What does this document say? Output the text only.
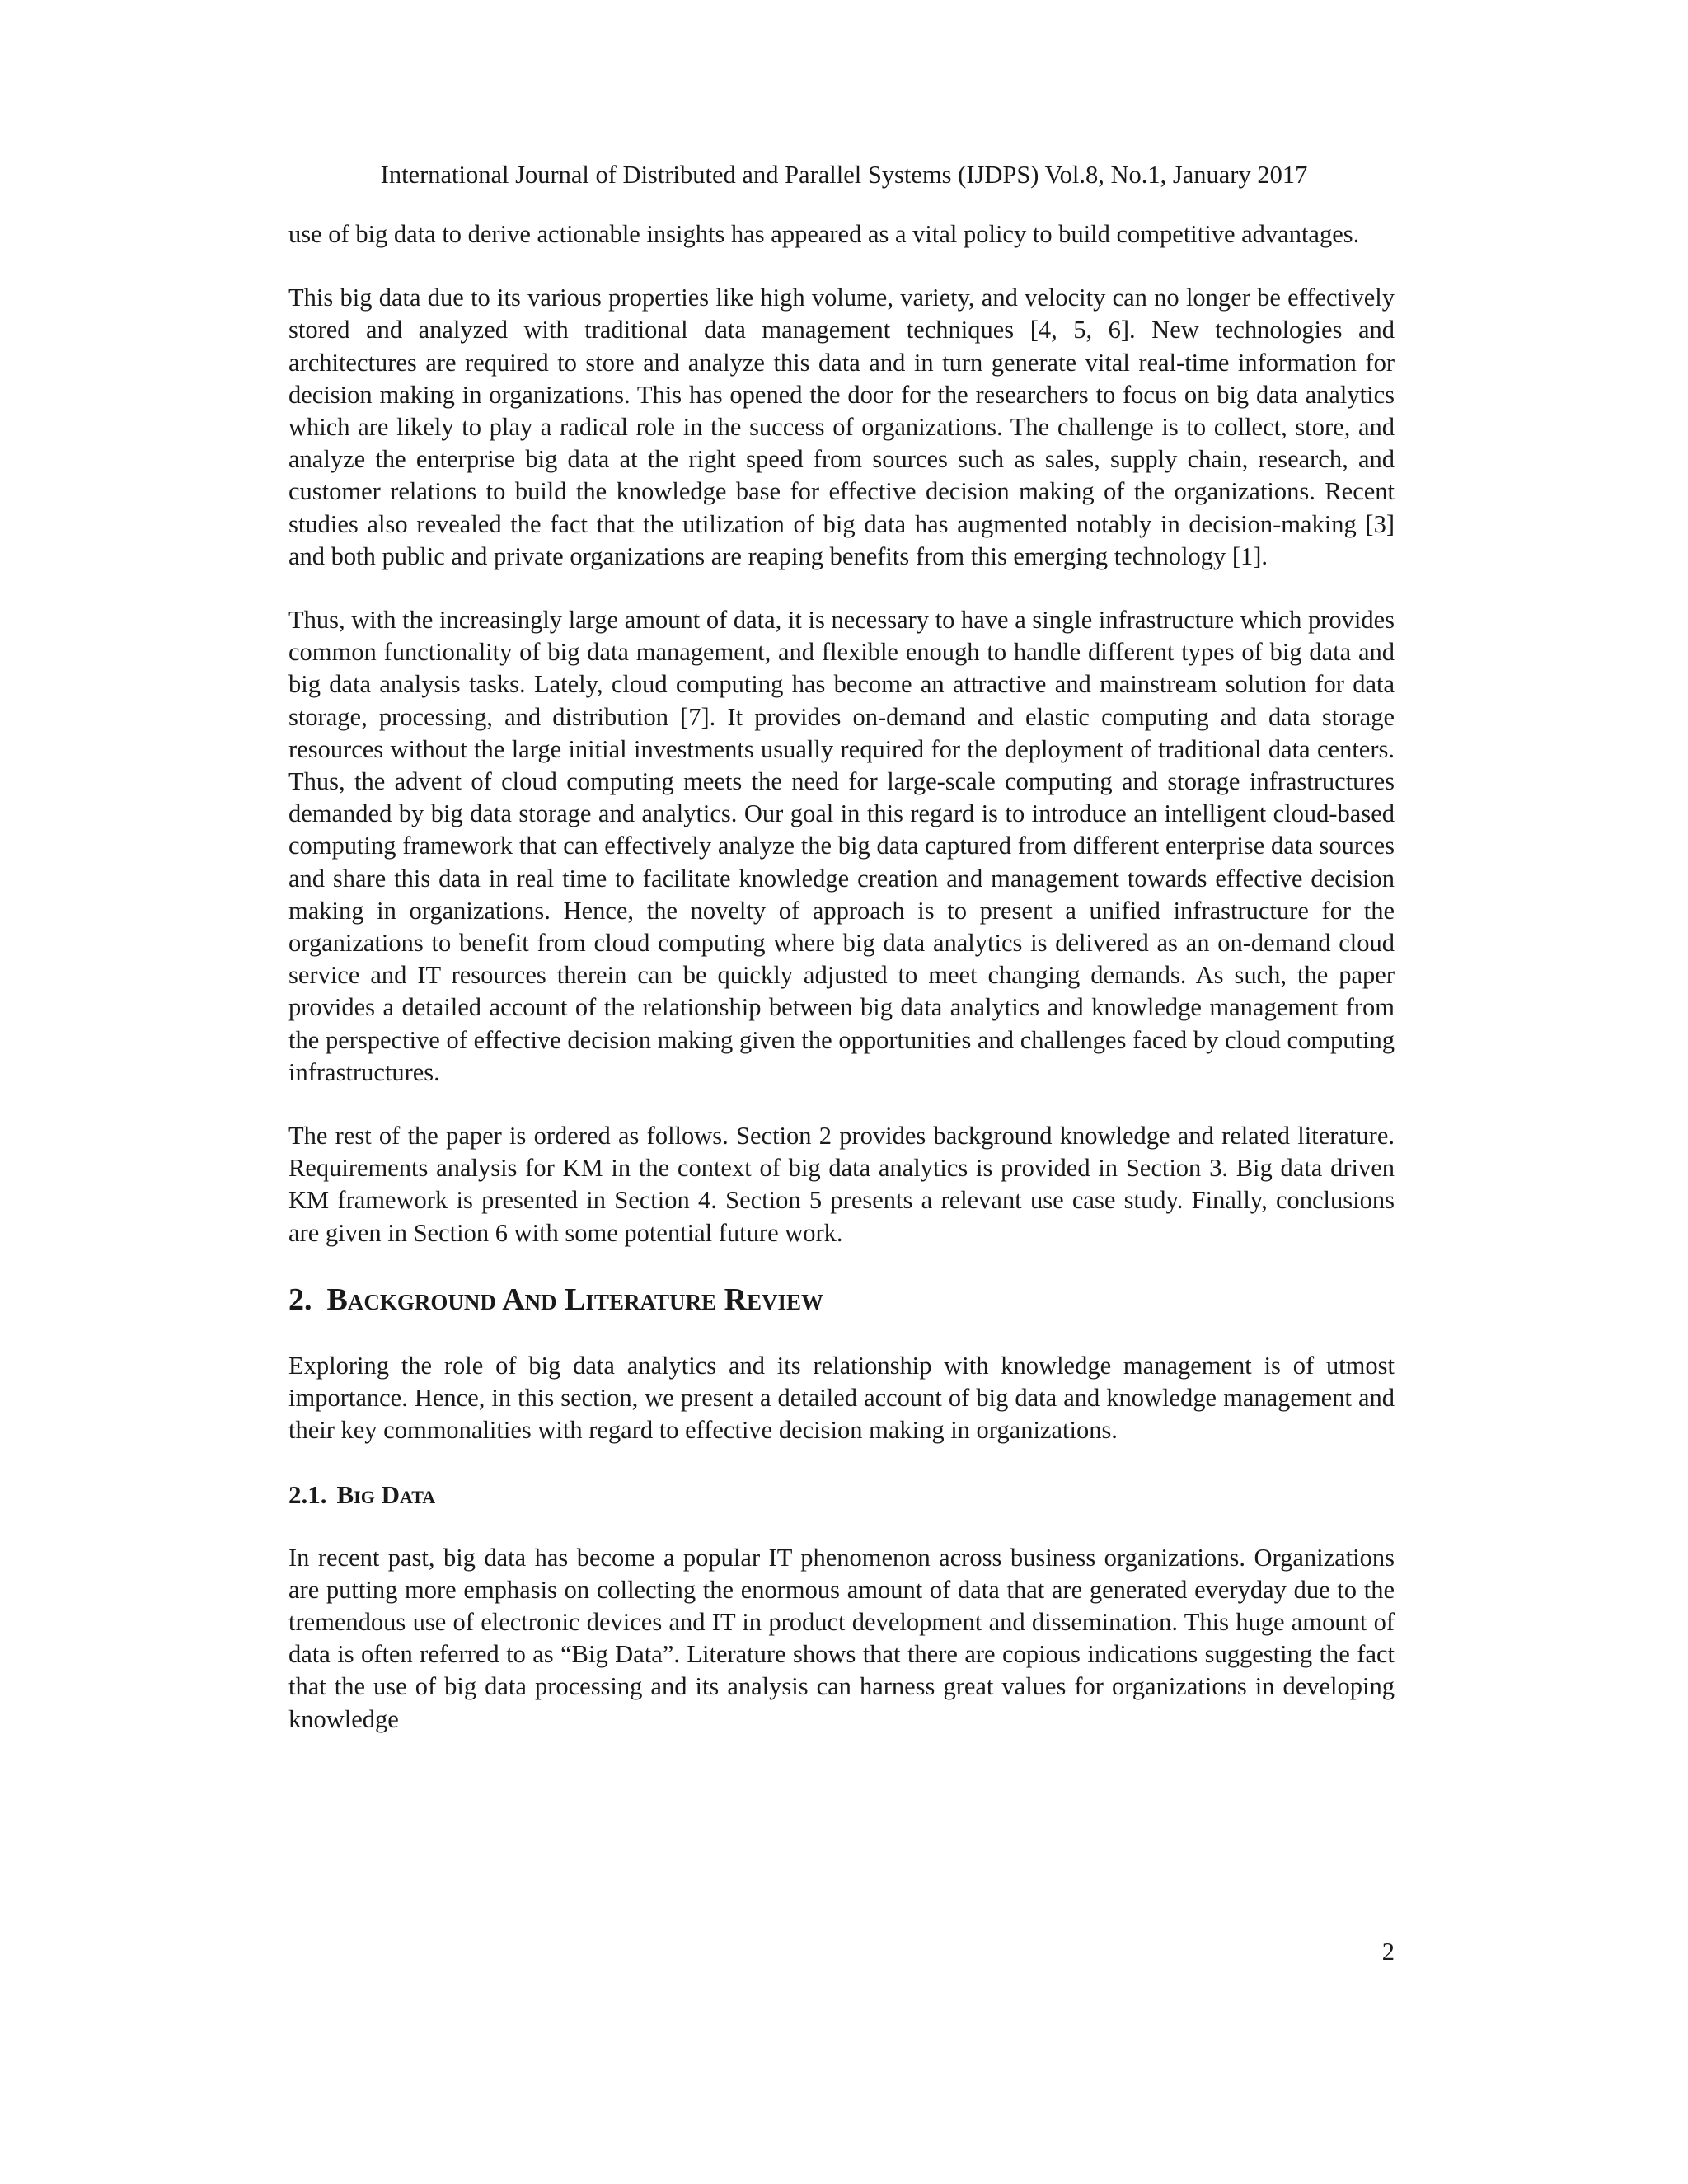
International Journal of Distributed and Parallel Systems (IJDPS) Vol.8, No.1, January 2017

use of big data to derive actionable insights has appeared as a vital policy to build competitive advantages.

This big data due to its various properties like high volume, variety, and velocity can no longer be effectively stored and analyzed with traditional data management techniques [4, 5, 6]. New technologies and architectures are required to store and analyze this data and in turn generate vital real-time information for decision making in organizations. This has opened the door for the researchers to focus on big data analytics which are likely to play a radical role in the success of organizations. The challenge is to collect, store, and analyze the enterprise big data at the right speed from sources such as sales, supply chain, research, and customer relations to build the knowledge base for effective decision making of the organizations. Recent studies also revealed the fact that the utilization of big data has augmented notably in decision-making [3] and both public and private organizations are reaping benefits from this emerging technology [1].

Thus, with the increasingly large amount of data, it is necessary to have a single infrastructure which provides common functionality of big data management, and flexible enough to handle different types of big data and big data analysis tasks. Lately, cloud computing has become an attractive and mainstream solution for data storage, processing, and distribution [7]. It provides on-demand and elastic computing and data storage resources without the large initial investments usually required for the deployment of traditional data centers. Thus, the advent of cloud computing meets the need for large-scale computing and storage infrastructures demanded by big data storage and analytics. Our goal in this regard is to introduce an intelligent cloud-based computing framework that can effectively analyze the big data captured from different enterprise data sources and share this data in real time to facilitate knowledge creation and management towards effective decision making in organizations. Hence, the novelty of approach is to present a unified infrastructure for the organizations to benefit from cloud computing where big data analytics is delivered as an on-demand cloud service and IT resources therein can be quickly adjusted to meet changing demands. As such, the paper provides a detailed account of the relationship between big data analytics and knowledge management from the perspective of effective decision making given the opportunities and challenges faced by cloud computing infrastructures.

The rest of the paper is ordered as follows. Section 2 provides background knowledge and related literature. Requirements analysis for KM in the context of big data analytics is provided in Section 3. Big data driven KM framework is presented in Section 4. Section 5 presents a relevant use case study. Finally, conclusions are given in Section 6 with some potential future work.

2. Background And Literature Review

Exploring the role of big data analytics and its relationship with knowledge management is of utmost importance. Hence, in this section, we present a detailed account of big data and knowledge management and their key commonalities with regard to effective decision making in organizations.

2.1. Big Data

In recent past, big data has become a popular IT phenomenon across business organizations. Organizations are putting more emphasis on collecting the enormous amount of data that are generated everyday due to the tremendous use of electronic devices and IT in product development and dissemination. This huge amount of data is often referred to as “Big Data”. Literature shows that there are copious indications suggesting the fact that the use of big data processing and its analysis can harness great values for organizations in developing knowledge

2
